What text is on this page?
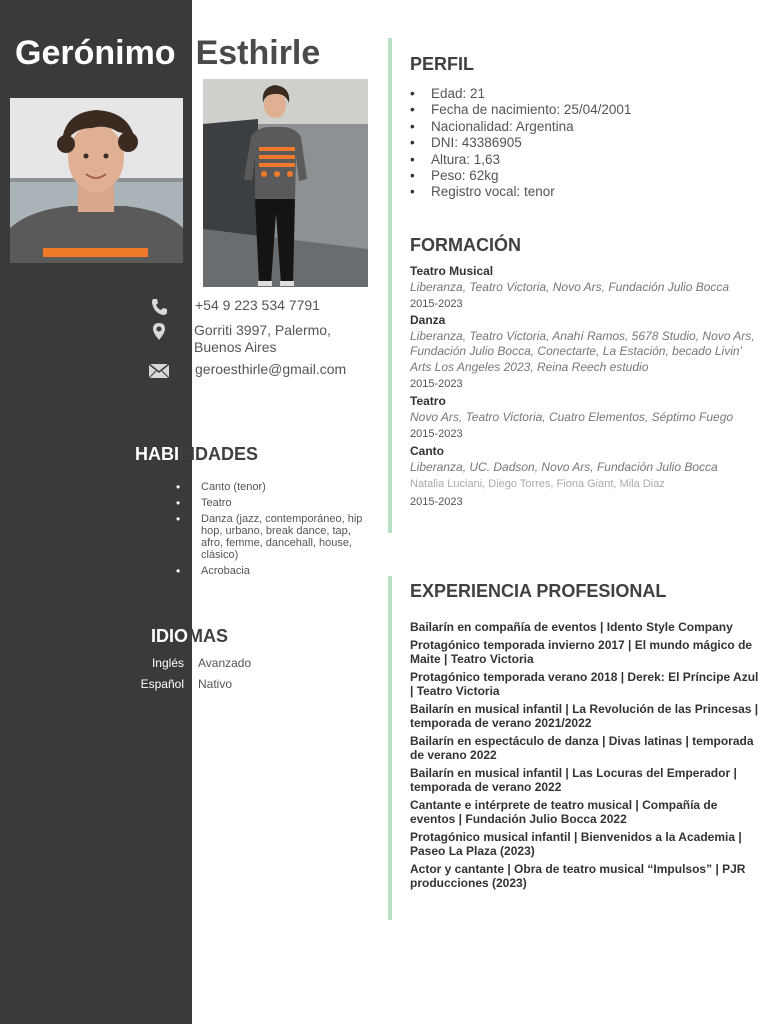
Gerónimo Esthirle
+54 9 223 534 7791
Gorriti 3997, Palermo,
Buenos Aires
geroesthirle@gmail.com
HABILIDADES
• Canto (tenor)
• Teatro
• Danza (jazz, contemporáneo, hip hop, urbano, break dance, tap, afro, femme, dancehall, house, clásico)
• Acrobacia
IDIOMAS
Inglés Avanzado
Español Nativo
PERFIL
• Edad: 21
• Fecha de nacimiento: 25/04/2001
• Nacionalidad: Argentina
• DNI: 43386905
• Altura: 1,63
• Peso: 62kg
• Registro vocal: tenor
FORMACIÓN
Teatro Musical
Liberanza, Teatro Victoria, Novo Ars, Fundación Julio Bocca
2015-2023
Danza
Liberanza, Teatro Victoria, Anahí Ramos, 5678 Studio, Novo Ars, Fundación Julio Bocca, Conectarte, La Estación, becado Livin' Arts Los Angeles 2023, Reina Reech estudio
2015-2023
Teatro
Novo Ars, Teatro Victoria, Cuatro Elementos, Séptimo Fuego
2015-2023
Canto
Liberanza, UC. Dadson, Novo Ars, Fundación Julio Bocca
Natalia Luciani, Diego Torres, Fiona Giant, Mila Diaz
2015-2023
EXPERIENCIA PROFESIONAL
Bailarín en compañía de eventos | Idento Style Company
Protagónico temporada invierno 2017 | El mundo mágico de Maite | Teatro Victoria
Protagónico temporada verano 2018 | Derek: El Príncipe Azul | Teatro Victoria
Bailarín en musical infantil | La Revolución de las Princesas | temporada de verano 2021/2022
Bailarín en espectáculo de danza | Divas latinas | temporada de verano 2022
Bailarín en musical infantil | Las Locuras del Emperador | temporada de verano 2022
Cantante e intérprete de teatro musical | Compañía de eventos | Fundación Julio Bocca 2022
Protagónico musical infantil | Bienvenidos a la Academia | Paseo La Plaza (2023)
Actor y cantante | Obra de teatro musical “Impulsos” | PJR producciones (2023)
